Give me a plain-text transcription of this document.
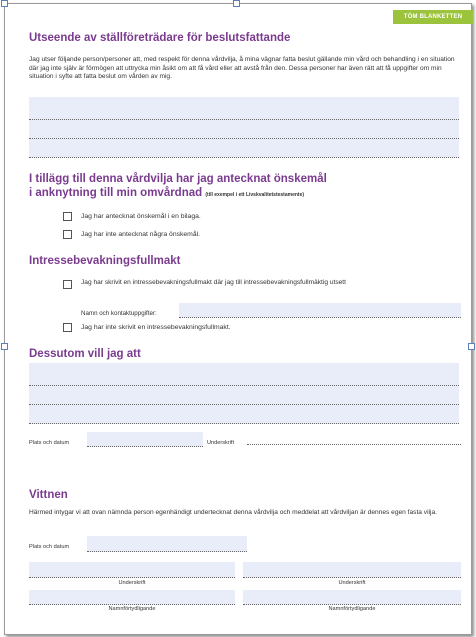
TÖM BLANKETTEN
Utseende av ställföreträdare för beslutsfattande

Jag utser följande person/personer att, med respekt för denna vårdvilja, å mina vägnar fatta beslut gällande min vård och behandling i en situation där jag inte själv är förmögen att uttrycka min åsikt om att få vård eller att avstå från den. Dessa personer har även rätt att få uppgifter om min situation i syfte att fatta beslut om vården av mig.

I tillägg till denna vårdvilja har jag antecknat önskemål
i anknytning till min omvårdnad (till exempel i ett Livskvalitetstestamente)
Jag har antecknat önskemål i en bilaga.
Jag har inte antecknat några önskemål.
Intressebevakningsfullmakt

Jag har skrivit en intressebevakningsfullmakt där jag till intressebevakningsfullmäktig utsett

Namn och kontaktuppgifter:
Jag har inte skrivit en intressebevakningsfullmakt.
Dessutom vill jag att
Plats och datum	Underskrift
Vittnen

Härmed intygar vi att ovan nämnda person egenhändigt undertecknat denna vårdvilja och meddelat att vårdviljan är dennes egen fasta vilja.

Plats och datum
Underskrift
Namnförtydligande
Underskrift
Namnförtydligande
